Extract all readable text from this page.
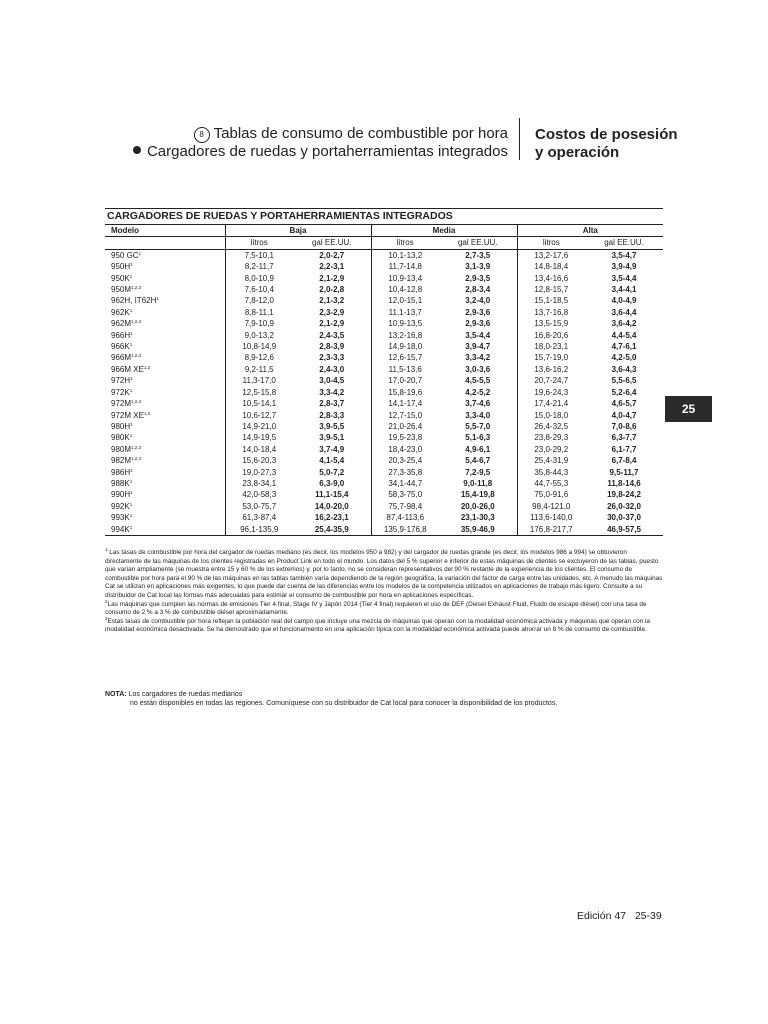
8 Tablas de consumo de combustible por hora
Cargadores de ruedas y portaherramientas integrados
Costos de posesión
y operación
25
CARGADORES DE RUEDAS Y PORTAHERRAMIENTAS INTEGRADOS
Modelo	Baja		Media		Alta	
	litros	gal EE.UU.	litros	gal EE.UU.	litros	gal EE.UU.
950 $GC^1$	7,5-10,1	2,0-2,7	10,1-13,2	2,7-3,5	13,2-17,6	3,5-4,7
$950H^1$	8,2-11,7	2,2-3,1	11,7-14,8	3,1-3,9	14,8-18,4	3,9-4,9
$950K^1$	8,0-10,9	2,1-2,9	10,9-13,4	2,9-3,5	13,4-16,6	3,5-4,4
$950M^{1,2,3}$	7,6-10,4	2,0-2,8	10,4-12,8	2,8-3,4	12,8-15,7	3,4-4,1
962H, $IT62H^1$	7,8-12,0	2,1-3,2	12,0-15,1	3,2-4,0	15,1-18,5	4,0-4,9
$962K^1$	8,8-11,1	2,3-2,9	11,1-13,7	2,9-3,6	13,7-16,8	3,6-4,4
$962M^{1,2,3}$	7,9-10,9	2,1-2,9	10,9-13,5	2,9-3,6	13,5-15,9	3,6-4,2
$966H^1$	9,0-13,2	2,4-3,5	13,2-16,8	3,5-4,4	16,8-20,6	4,4-5,4
$966K^1$	10,8-14,9	2,8-3,9	14,9-18,0	3,9-4,7	18,0-23,1	4,7-6,1
$966M^{1,2,3}$	8,9-12,6	2,3-3,3	12,6-15,7	3,3-4,2	15,7-19,0	4,2-5,0
966M XE$^{1,2}$	9,2-11,5	2,4-3,0	11,5-13,6	3,0-3,6	13,6-16,2	3,6-4,3
$972H^1$	11,3-17,0	3,0-4,5	17,0-20,7	4,5-5,5	20,7-24,7	5,5-6,5
$972K^1$	12,5-15,8	3,3-4,2	15,8-19,6	4,2-5,2	19,6-24,3	5,2-6,4
$972M^{1,2,3}$	10,5-14,1	2,8-3,7	14,1-17,4	3,7-4,6	17,4-21,4	4,6-5,7
972M XE$^{1,2}$	10,6-12,7	2,8-3,3	12,7-15,0	3,3-4,0	15,0-18,0	4,0-4,7
$980H^1$	14,9-21,0	3,9-5,5	21,0-26,4	5,5-7,0	26,4-32,5	7,0-8,6
$980K^1$	14,9-19,5	3,9-5,1	19,5-23,8	5,1-6,3	23,8-29,3	6,3-7,7
$980M^{1,2,3}$	14,0-18,4	3,7-4,9	18,4-23,0	4,9-6,1	23,0-29,2	6,1-7,7
$982M^{1,2,3}$	15,6-20,3	4,1-5,4	20,3-25,4	5,4-6,7	25,4-31,9	6,7-8,4
$986H^1$	19,0-27,3	5,0-7,2	27,3-35,8	7,2-9,5	35,8-44,3	9,5-11,7
$988K^1$	23,8-34,1	6,3-9,0	34,1-44,7	9,0-11,8	44,7-55,3	11,8-14,6
$990H^1$	42,0-58,3	11,1-15,4	58,3-75,0	15,4-19,8	75,0-91,6	19,8-24,2
$992K^1$	53,0-75,7	14,0-20,0	75,7-98,4	20,0-26,0	98,4-121,0	26,0-32,0
$993K^1$	61,3-87,4	16,2-23,1	87,4-113,6	23,1-30,3	113,6-140,0	30,0-37,0
$994K^1$	96,1-135,9	25,4-35,9	135,9-176,8	35,9-46,9	176,8-217,7	46,9-57,5

$^1$ Las tasas de combustible por hora del cargador de ruedas mediano (es decir, los modelos 950 a 982) y del cargador de ruedas grande (es decir, los modelos 986 a 994) se obtuvieron directamente de las máquinas de los clientes registradas en Product Link en todo el mundo. Los datos del 5 % superior e inferior de estas máquinas de clientes se excluyeron de las tablas, puesto que varían ampliamente (se muestra entre 15 y 60 % de los extremos) y, por lo tanto, no se consideran representativos del 90 % restante de la experiencia de los clientes. El consumo de combustible por hora para el 90 % de las máquinas en las tablas también varía dependiendo de la región geográfica, la variación del factor de carga entre las unidades, etc. A menudo las máquinas Cat se utilizan en aplicaciones más exigentes, lo que puede dar cuenta de las diferencias entre los modelos de la competencia utilizados en aplicaciones de trabajo más ligero. Consulte a su distribuidor de Cat local las formas más adecuadas para estimar el consumo de combustible por hora en aplicaciones específicas.

$^2$Las máquinas que cumplen las normas de emisiones Tier 4 final, Stage IV y Japón 2014 (Tier 4 final) requieren el uso de DEF (Diesel Exhaust Fluid, Fluido de escape diésel) con una tasa de consumo de 2 % a 3 % de combustible diésel aproximadamente.

$^3$Estas tasas de combustible por hora reflejan la población real del campo que incluye una mezcla de máquinas que operan con la modalidad económica activada y máquinas que operan con la modalidad económica desactivada. Se ha demostrado que el funcionamiento en una aplicación típica con la modalidad económica activada puede ahorrar un 8 % de consumo de combustible.

NOTA: Los cargadores de ruedas medianos
no están disponibles en todas las regiones. Comuníquese con su distribuidor de Cat local para conocer la disponibilidad de los productos.
Edición 47 25-39
